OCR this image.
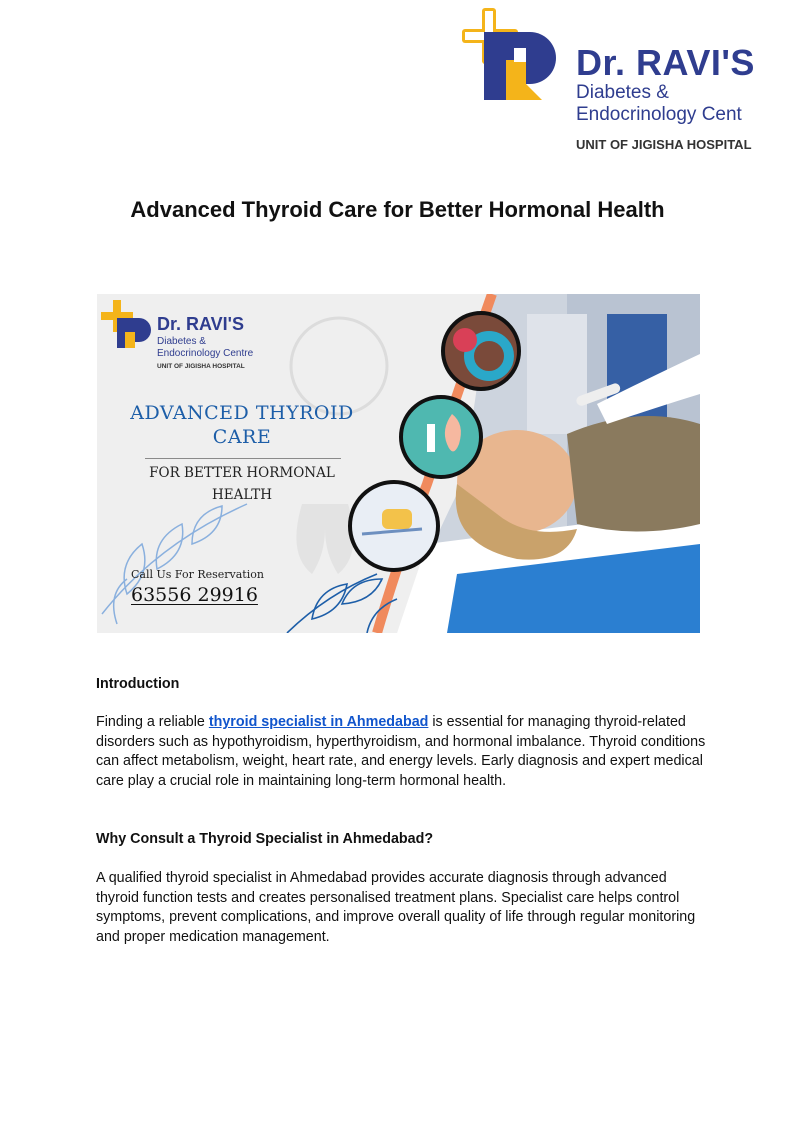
Dr. RAVI'S
Diabetes &
Endocrinology Cent
UNIT OF JIGISHA HOSPITAL
Advanced Thyroid Care for Better Hormonal Health
Dr. RAVI'S
Diabetes &
Endocrinology Centre
UNIT OF JIGISHA HOSPITAL
ADVANCED THYROID
CARE
FOR BETTER HORMONAL
HEALTH
Call Us For Reservation
63556 29916

Introduction

Finding a reliable thyroid specialist in Ahmedabad is essential for managing thyroid-related disorders such as hypothyroidism, hyperthyroidism, and hormonal imbalance. Thyroid conditions can affect metabolism, weight, heart rate, and energy levels. Early diagnosis and expert medical care play a crucial role in maintaining long-term hormonal health.

Why Consult a Thyroid Specialist in Ahmedabad?

A qualified thyroid specialist in Ahmedabad provides accurate diagnosis through advanced thyroid function tests and creates personalised treatment plans. Specialist care helps control symptoms, prevent complications, and improve overall quality of life through regular monitoring and proper medication management.
